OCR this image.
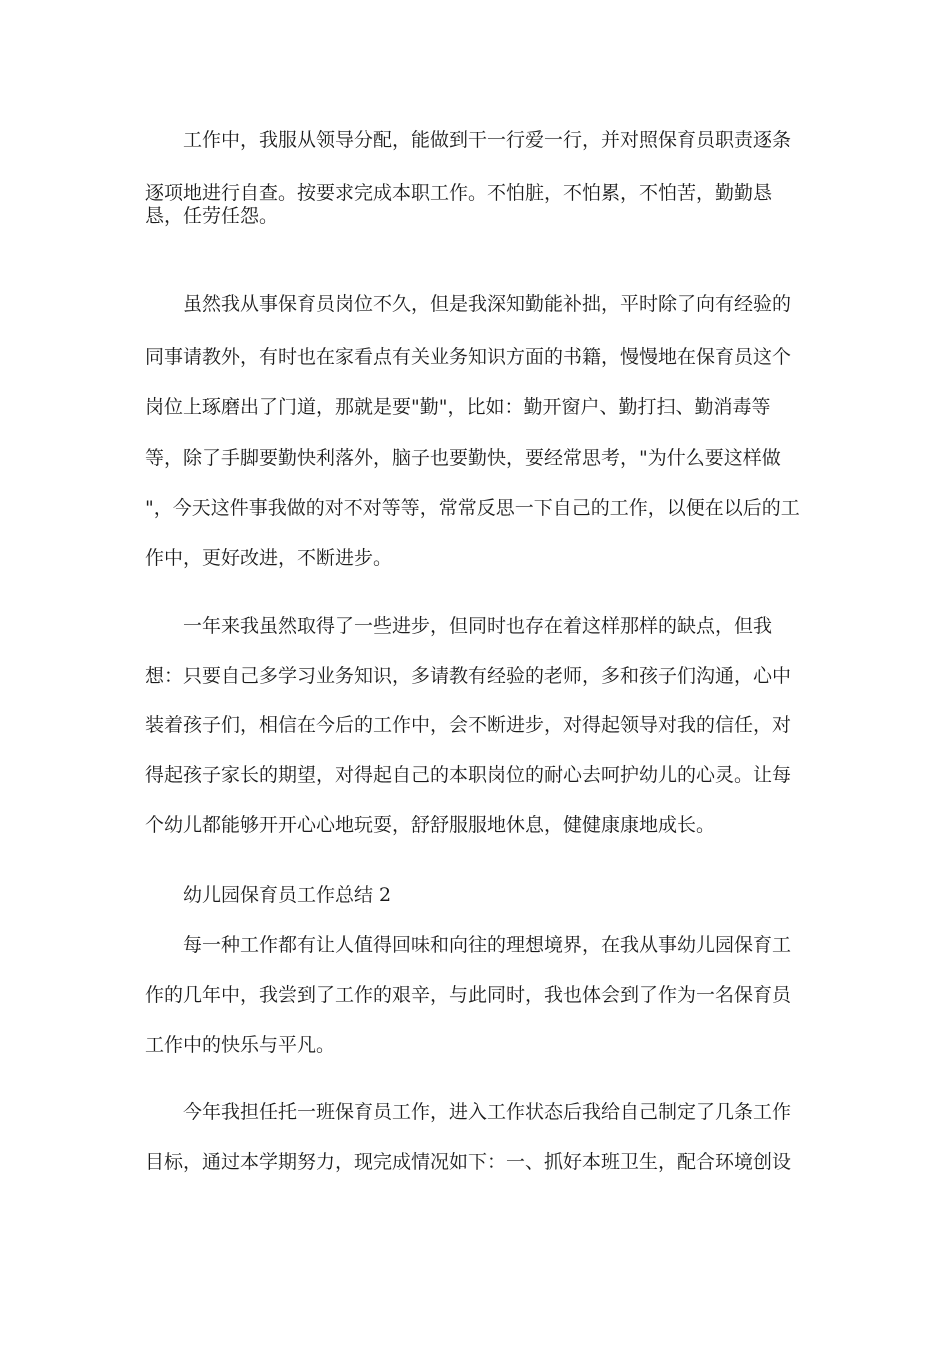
工作中，我服从领导分配，能做到干一行爱一行，并对照保育员职责逐条
逐项地进行自查。按要求完成本职工作。不怕脏，不怕累，不怕苦，勤勤恳
恳，任劳任怨。
虽然我从事保育员岗位不久，但是我深知勤能补拙，平时除了向有经验的
同事请教外，有时也在家看点有关业务知识方面的书籍，慢慢地在保育员这个
岗位上琢磨出了门道，那就是要"勤"，比如：勤开窗户、勤打扫、勤消毒等
等，除了手脚要勤快利落外，脑子也要勤快，要经常思考，"为什么要这样做
"，今天这件事我做的对不对等等，常常反思一下自己的工作，以便在以后的工
作中，更好改进，不断进步。
一年来我虽然取得了一些进步，但同时也存在着这样那样的缺点，但我
想：只要自己多学习业务知识，多请教有经验的老师，多和孩子们沟通，心中
装着孩子们，相信在今后的工作中，会不断进步，对得起领导对我的信任，对
得起孩子家长的期望，对得起自己的本职岗位的耐心去呵护幼儿的心灵。让每
个幼儿都能够开开心心地玩耍，舒舒服服地休息，健健康康地成长。
幼儿园保育员工作总结 2
每一种工作都有让人值得回味和向往的理想境界，在我从事幼儿园保育工
作的几年中，我尝到了工作的艰辛，与此同时，我也体会到了作为一名保育员
工作中的快乐与平凡。
今年我担任托一班保育员工作，进入工作状态后我给自己制定了几条工作
目标，通过本学期努力，现完成情况如下：一、抓好本班卫生，配合环境创设
